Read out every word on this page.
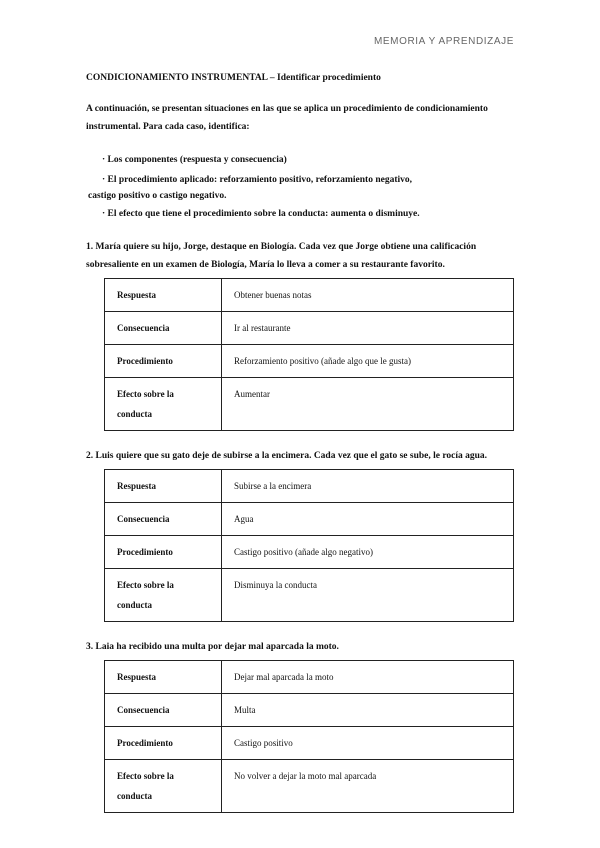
MEMORIA Y APRENDIZAJE

CONDICIONAMIENTO INSTRUMENTAL – Identificar procedimiento

A continuación, se presentan situaciones en las que se aplica un procedimiento de condicionamiento instrumental. Para cada caso, identifica:

· Los componentes (respuesta y consecuencia)
· El procedimiento aplicado: reforzamiento positivo, reforzamiento negativo,
castigo positivo o castigo negativo.
· El efecto que tiene el procedimiento sobre la conducta: aumenta o disminuye.

1. María quiere su hijo, Jorge, destaque en Biología. Cada vez que Jorge obtiene una calificación sobresaliente en un examen de Biología, María lo lleva a comer a su restaurante favorito.

Respuesta	Obtener buenas notas
Consecuencia	Ir al restaurante
Procedimiento	Reforzamiento positivo (añade algo que le gusta)
Efecto sobre la conducta	Aumentar

2. Luis quiere que su gato deje de subirse a la encimera. Cada vez que el gato se sube, le rocía agua.

Respuesta	Subirse a la encimera
Consecuencia	Agua
Procedimiento	Castigo positivo (añade algo negativo)
Efecto sobre la conducta	Disminuya la conducta

3. Laia ha recibido una multa por dejar mal aparcada la moto.

Respuesta	Dejar mal aparcada la moto
Consecuencia	Multa
Procedimiento	Castigo positivo
Efecto sobre la conducta	No volver a dejar la moto mal aparcada
